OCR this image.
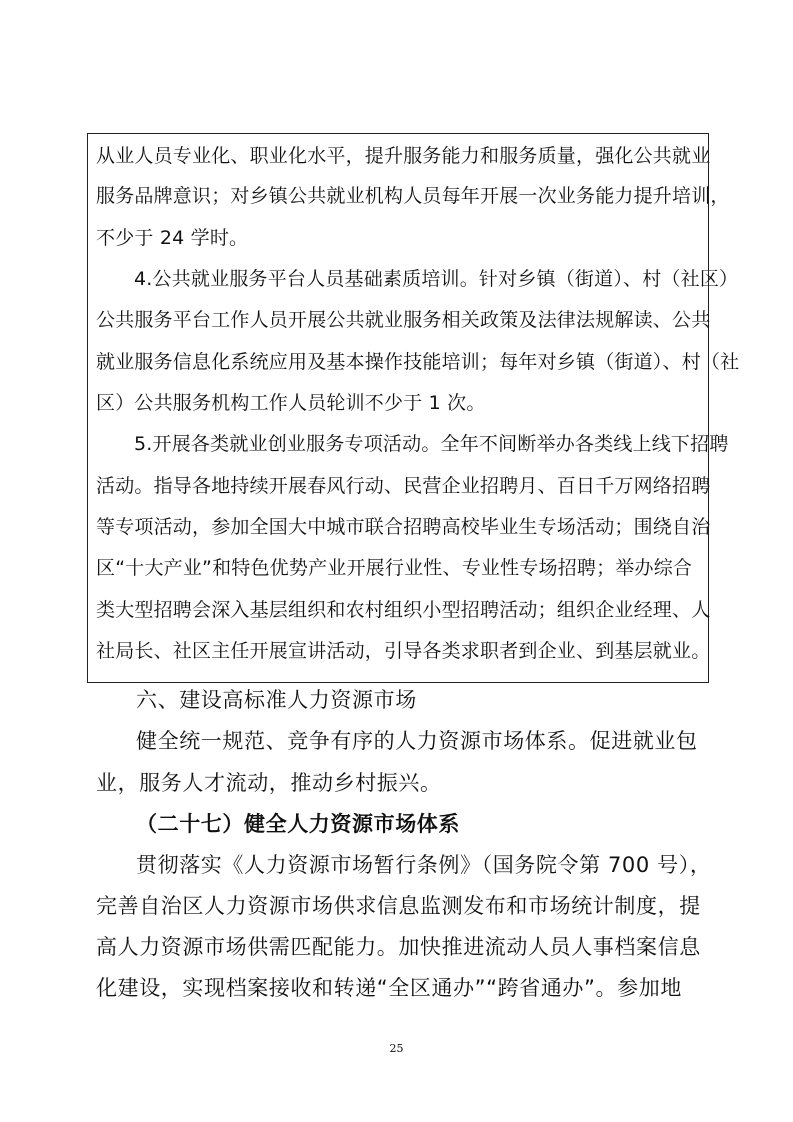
从业人员专业化、职业化水平，提升服务能力和服务质量，强化公共就业
服务品牌意识；对乡镇公共就业机构人员每年开展一次业务能力提升培训，
不少于 24 学时。
4.公共就业服务平台人员基础素质培训。针对乡镇（街道）、村（社区）
公共服务平台工作人员开展公共就业服务相关政策及法律法规解读、公共
就业服务信息化系统应用及基本操作技能培训；每年对乡镇（街道）、村（社
区）公共服务机构工作人员轮训不少于 1 次。
5.开展各类就业创业服务专项活动。全年不间断举办各类线上线下招聘
活动。指导各地持续开展春风行动、民营企业招聘月、百日千万网络招聘
等专项活动，参加全国大中城市联合招聘高校毕业生专场活动；围绕自治
区“十大产业”和特色优势产业开展行业性、专业性专场招聘；举办综合
类大型招聘会深入基层组织和农村组织小型招聘活动；组织企业经理、人
社局长、社区主任开展宣讲活动，引导各类求职者到企业、到基层就业。
六、建设高标准人力资源市场
健全统一规范、竞争有序的人力资源市场体系。促进就业包
业，服务人才流动，推动乡村振兴。
（二十七）健全人力资源市场体系
贯彻落实《人力资源市场暂行条例》（国务院令第 700 号），
完善自治区人力资源市场供求信息监测发布和市场统计制度，提
高人力资源市场供需匹配能力。加快推进流动人员人事档案信息
化建设，实现档案接收和转递“全区通办”“跨省通办”。参加地
25
